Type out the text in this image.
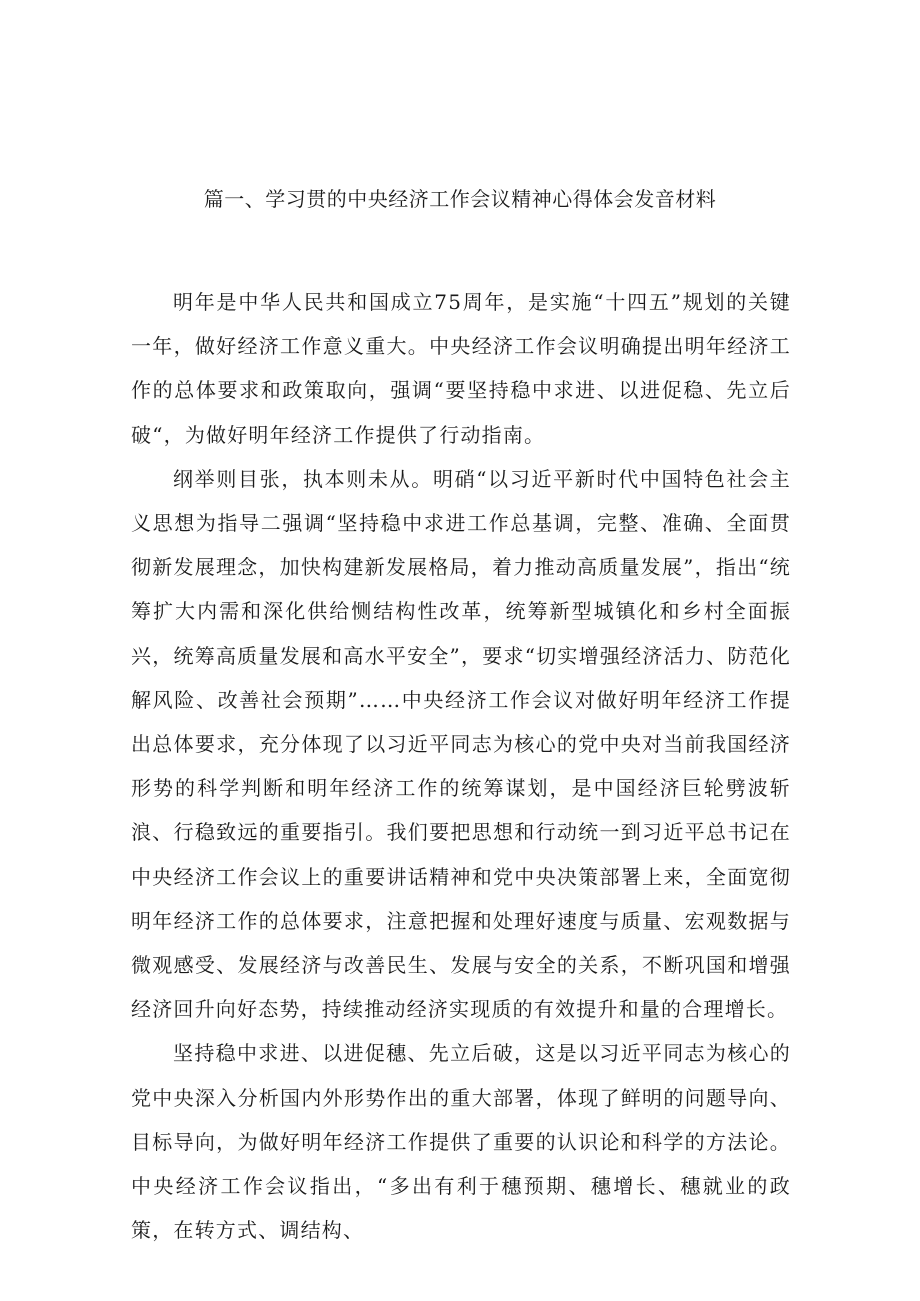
篇一、学习贯的中央经济工作会议精神心得体会发音材料

明年是中华人民共和国成立75周年，是实施“十四五”规划的关键一年，做好经济工作意义重大。中央经济工作会议明确提出明年经济工作的总体要求和政策取向，强调“要坚持稳中求进、以进促稳、先立后破“，为做好明年经济工作提供了行动指南。

纲举则目张，执本则未从。明硝“以习近平新时代中国特色社会主义思想为指导二强调“坚持稳中求进工作总基调，完整、准确、全面贯彻新发展理念，加快构建新发展格局，着力推动高质量发展”，指出“统筹扩大内需和深化供给恻结构性改革，统筹新型城镇化和乡村全面振兴，统筹高质量发展和高水平安全”，要求“切实增强经济活力、防范化解风险、改善社会预期”……中央经济工作会议对做好明年经济工作提出总体要求，充分体现了以习近平同志为核心的党中央对当前我国经济形势的科学判断和明年经济工作的统筹谋划，是中国经济巨轮劈波斩浪、行稳致远的重要指引。我们要把思想和行动统一到习近平总书记在中央经济工作会议上的重要讲话精神和党中央决策部署上来，全面宽彻明年经济工作的总体要求，注意把握和处理好速度与质量、宏观数据与微观感受、发展经济与改善民生、发展与安全的关系，不断巩国和增强经济回升向好态势，持续推动经济实现质的有效提升和量的合理增长。

坚持稳中求进、以进促穗、先立后破，这是以习近平同志为核心的党中央深入分析国内外形势作出的重大部署，体现了鲜明的问题导向、目标导向，为做好明年经济工作提供了重要的认识论和科学的方法论。中央经济工作会议指出，“多出有利于穗预期、穗增长、穗就业的政策，在转方式、调结构、
